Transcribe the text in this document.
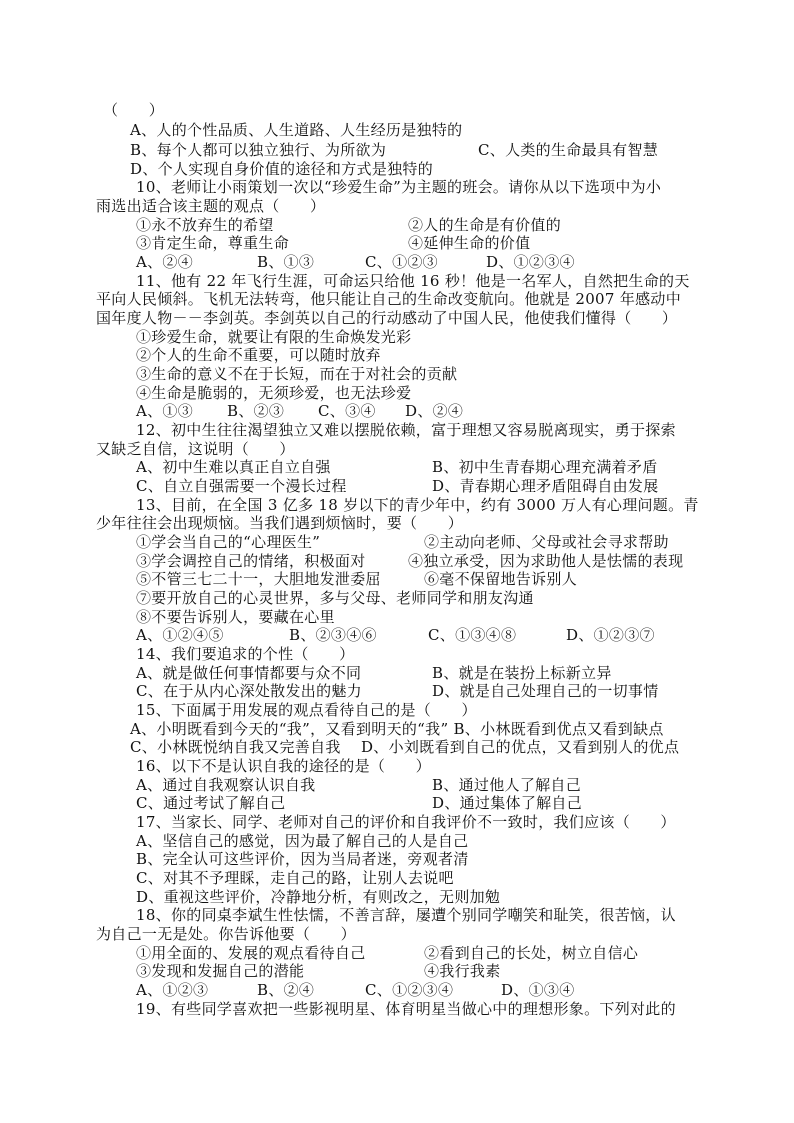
（      ）

A、人的个性品质、人生道路、人生经历是独特的

B、每个人都可以独立独行、为所欲为	C、人类的生命最具有智慧

D、个人实现自身价值的途径和方式是独特的

10、老师让小雨策划一次以“珍爱生命”为主题的班会。请你从以下选项中为小

雨选出适合该主题的观点（      ）

①永不放弃生的希望	②人的生命是有价值的

③肯定生命，尊重生命	④延伸生命的价值

A、②④	B、①③	C、①②③	D、①②③④

11、他有 22 年飞行生涯，可命运只给他 16 秒！他是一名军人，自然把生命的天

平向人民倾斜。飞机无法转弯，他只能让自己的生命改变航向。他就是 2007 年感动中

国年度人物－－李剑英。李剑英以自己的行动感动了中国人民，他使我们懂得（      ）

①珍爱生命，就要让有限的生命焕发光彩

②个人的生命不重要，可以随时放弃

③生命的意义不在于长短，而在于对社会的贡献

④生命是脆弱的，无须珍爱，也无法珍爱

A、①③ B、②③ C、③④ D、②④

12、初中生往往渴望独立又难以摆脱依赖，富于理想又容易脱离现实，勇于探索

又缺乏自信，这说明（      ）

A、初中生难以真正自立自强	B、初中生青春期心理充满着矛盾

C、自立自强需要一个漫长过程	D、青春期心理矛盾阻碍自由发展

13、目前，在全国 3 亿多 18 岁以下的青少年中，约有 3000 万人有心理问题。青

少年往往会出现烦恼。当我们遇到烦恼时，要（      ）

①学会当自己的“心理医生”	②主动向老师、父母或社会寻求帮助

③学会调控自己的情绪，积极面对	④独立承受，因为求助他人是怯懦的表现

⑤不管三七二十一，大胆地发泄委屈	⑥毫不保留地告诉别人

⑦要开放自己的心灵世界，多与父母、老师同学和朋友沟通

⑧不要告诉别人，要藏在心里

A、①②④⑤	B、②③④⑥	C、①③④⑧	D、①②③⑦

14、我们要追求的个性（      ）

A、就是做任何事情都要与众不同	B、就是在装扮上标新立异

C、在于从内心深处散发出的魅力	D、就是自己处理自己的一切事情

15、下面属于用发展的观点看待自己的是（      ）

A、小明既看到今天的“我”，又看到明天的“我” B、小林既看到优点又看到缺点

C、小林既悦纳自我又完善自我    D、小刘既看到自己的优点，又看到别人的优点

16、以下不是认识自我的途径的是（      ）

A、通过自我观察认识自我	B、通过他人了解自己

C、通过考试了解自己	D、通过集体了解自己

17、当家长、同学、老师对自己的评价和自我评价不一致时，我们应该（      ）

A、坚信自己的感觉，因为最了解自己的人是自己

B、完全认可这些评价，因为当局者迷，旁观者清

C、对其不予理睬，走自己的路，让别人去说吧

D、重视这些评价，冷静地分析，有则改之，无则加勉

18、你的同桌李斌生性怯懦，不善言辞，屡遭个别同学嘲笑和耻笑，很苦恼，认

为自己一无是处。你告诉他要（      ）

①用全面的、发展的观点看待自己	②看到自己的长处，树立自信心

③发现和发掘自己的潜能	④我行我素

A、①②③	B、②④	C、①②③④	D、①③④

19、有些同学喜欢把一些影视明星、体育明星当做心中的理想形象。下列对此的
